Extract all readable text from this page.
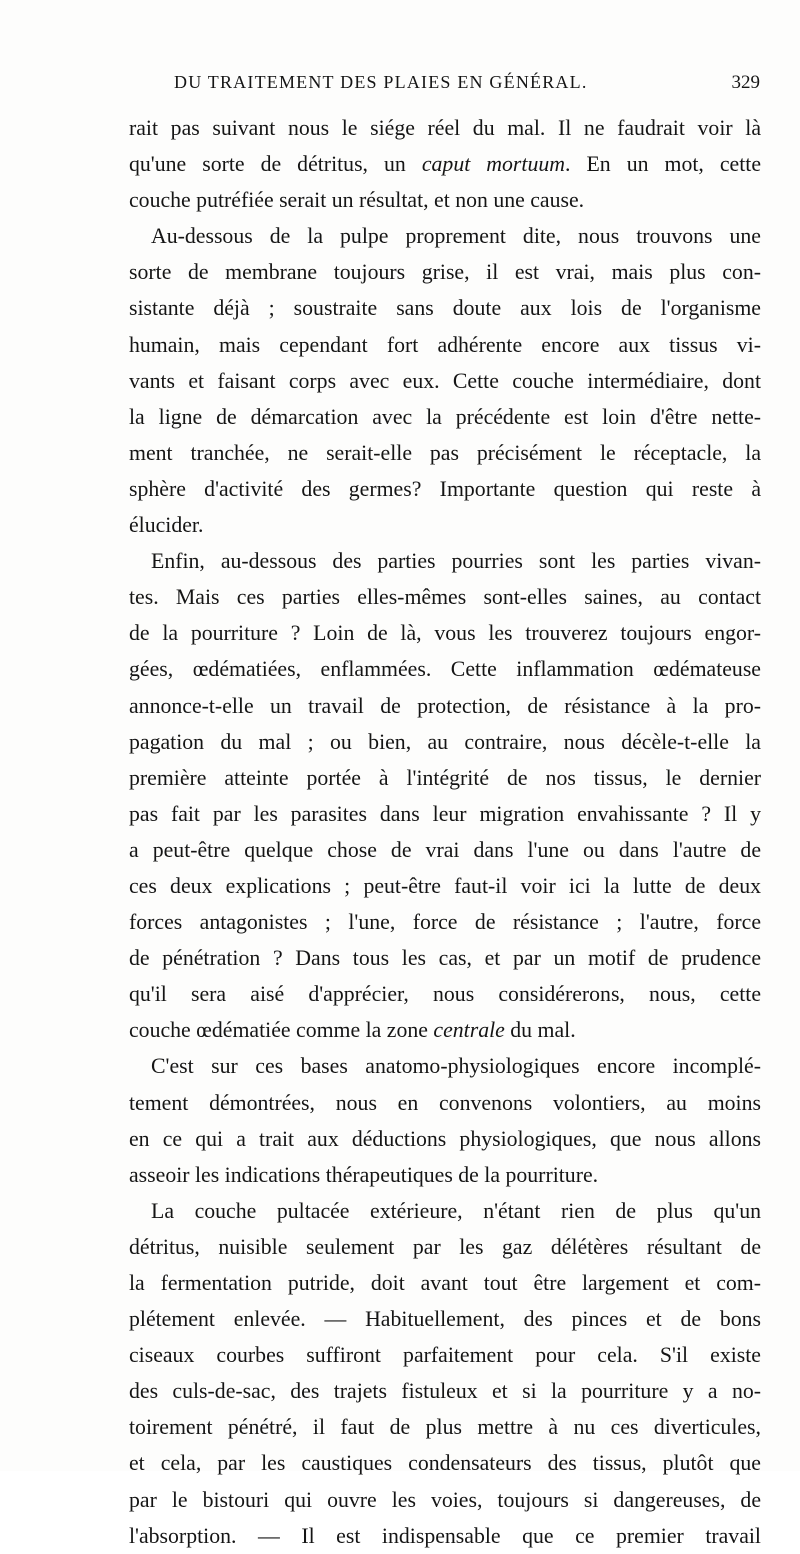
DU TRAITEMENT DES PLAIES EN GÉNÉRAL.	329
rait pas suivant nous le siége réel du mal. Il ne faudrait voir là
qu'une sorte de détritus, un caput mortuum. En un mot, cette
couche putréfiée serait un résultat, et non une cause.
Au-dessous de la pulpe proprement dite, nous trouvons une
sorte de membrane toujours grise, il est vrai, mais plus con-
sistante déjà ; soustraite sans doute aux lois de l'organisme
humain, mais cependant fort adhérente encore aux tissus vi-
vants et faisant corps avec eux. Cette couche intermédiaire, dont
la ligne de démarcation avec la précédente est loin d'être nette-
ment tranchée, ne serait-elle pas précisément le réceptacle, la
sphère d'activité des germes? Importante question qui reste à
élucider.
Enfin, au-dessous des parties pourries sont les parties vivan-
tes. Mais ces parties elles-mêmes sont-elles saines, au contact
de la pourriture ? Loin de là, vous les trouverez toujours engor-
gées, œdématiées, enflammées. Cette inflammation œdémateuse
annonce-t-elle un travail de protection, de résistance à la pro-
pagation du mal ; ou bien, au contraire, nous décèle-t-elle la
première atteinte portée à l'intégrité de nos tissus, le dernier
pas fait par les parasites dans leur migration envahissante ? Il y
a peut-être quelque chose de vrai dans l'une ou dans l'autre de
ces deux explications ; peut-être faut-il voir ici la lutte de deux
forces antagonistes ; l'une, force de résistance ; l'autre, force
de pénétration ? Dans tous les cas, et par un motif de prudence
qu'il sera aisé d'apprécier, nous considérerons, nous, cette
couche œdématiée comme la zone centrale du mal.
C'est sur ces bases anatomo-physiologiques encore incomplé-
tement démontrées, nous en convenons volontiers, au moins
en ce qui a trait aux déductions physiologiques, que nous allons
asseoir les indications thérapeutiques de la pourriture.
La couche pultacée extérieure, n'étant rien de plus qu'un
détritus, nuisible seulement par les gaz délétères résultant de
la fermentation putride, doit avant tout être largement et com-
plétement enlevée. — Habituellement, des pinces et de bons
ciseaux courbes suffiront parfaitement pour cela. S'il existe
des culs-de-sac, des trajets fistuleux et si la pourriture y a no-
toirement pénétré, il faut de plus mettre à nu ces diverticules,
et cela, par les caustiques condensateurs des tissus, plutôt que
par le bistouri qui ouvre les voies, toujours si dangereuses, de
l'absorption. — Il est indispensable que ce premier travail
